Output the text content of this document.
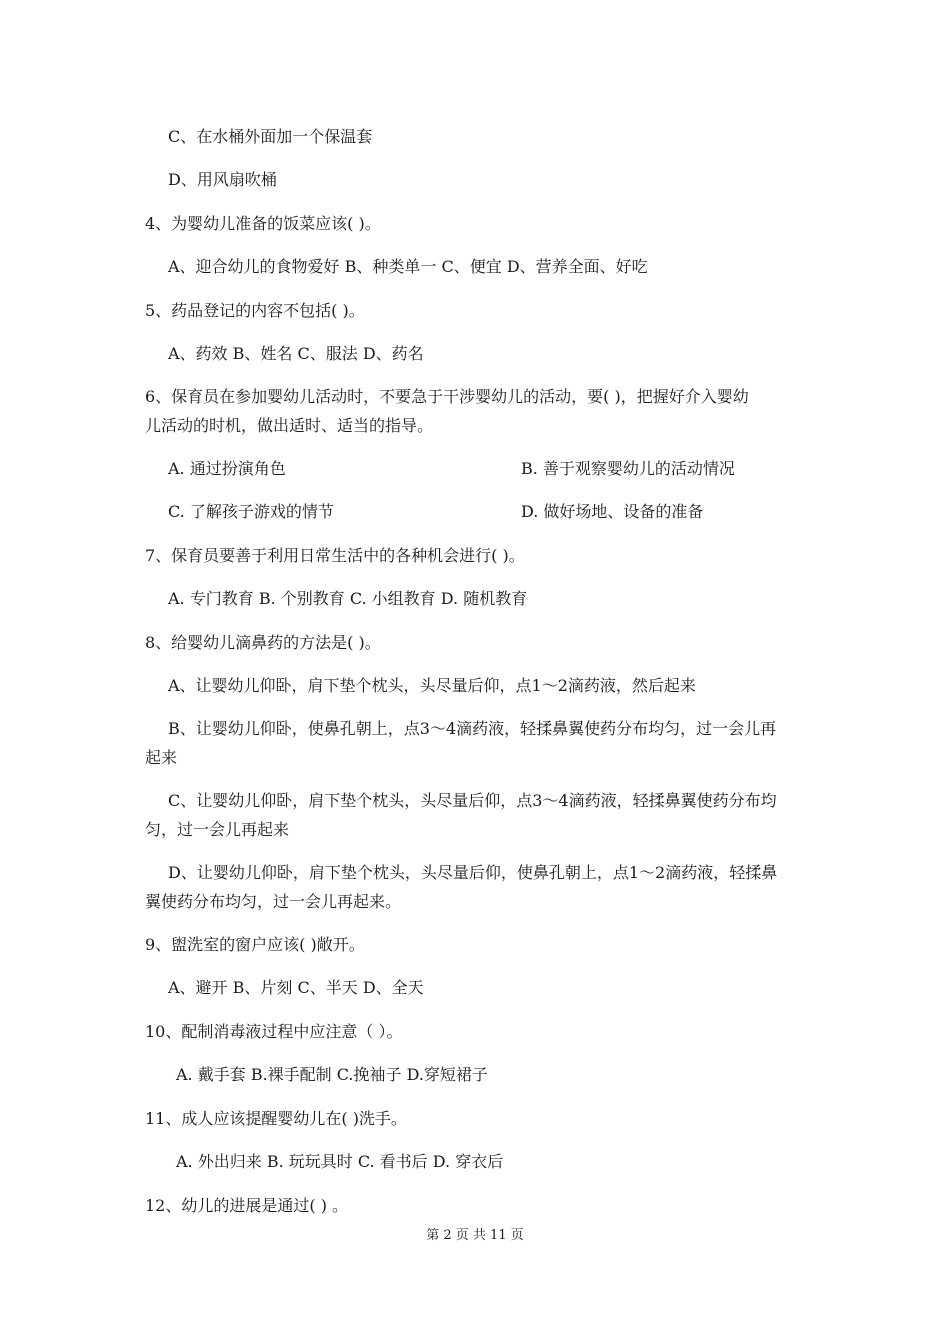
C、在水桶外面加一个保温套
D、用风扇吹桶
4、为婴幼儿准备的饭菜应该( )。
A、迎合幼儿的食物爱好 B、种类单一 C、便宜 D、营养全面、好吃
5、药品登记的内容不包括( )。
A、药效 B、姓名 C、服法 D、药名
6、保育员在参加婴幼儿活动时，不要急于干涉婴幼儿的活动，要( )，把握好介入婴幼
儿活动的时机，做出适时、适当的指导。
A. 通过扮演角色	B. 善于观察婴幼儿的活动情况
C. 了解孩子游戏的情节	D. 做好场地、设备的准备
7、保育员要善于利用日常生活中的各种机会进行( )。
A. 专门教育 B. 个别教育 C. 小组教育 D. 随机教育
8、给婴幼儿滴鼻药的方法是( )。
A、让婴幼儿仰卧，肩下垫个枕头，头尽量后仰，点1～2滴药液，然后起来
B、让婴幼儿仰卧，使鼻孔朝上，点3～4滴药液，轻揉鼻翼使药分布均匀，过一会儿再
起来
C、让婴幼儿仰卧，肩下垫个枕头，头尽量后仰，点3～4滴药液，轻揉鼻翼使药分布均
匀，过一会儿再起来
D、让婴幼儿仰卧，肩下垫个枕头，头尽量后仰，使鼻孔朝上，点1～2滴药液，轻揉鼻
翼使药分布均匀，过一会儿再起来。
9、盥洗室的窗户应该( )敞开。
A、避开 B、片刻 C、半天 D、全天
10、配制消毒液过程中应注意（ ）。
A. 戴手套 B.裸手配制 C.挽袖子 D.穿短裙子
11、成人应该提醒婴幼儿在( )洗手。
A. 外出归来 B. 玩玩具时 C. 看书后 D. 穿衣后
12、幼儿的进展是通过( ) 。
第 2 页 共 11 页
